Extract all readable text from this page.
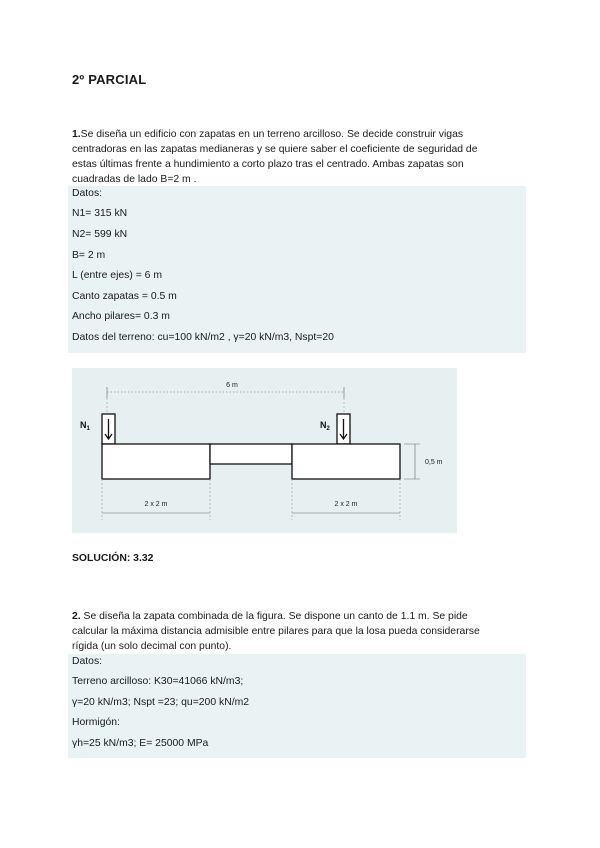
2º PARCIAL
1.Se diseña un edificio con zapatas en un terreno arcilloso. Se decide construir vigas
centradoras en las zapatas medianeras y se quiere saber el coeficiente de seguridad de
estas últimas frente a hundimiento a corto plazo tras el centrado. Ambas zapatas son
cuadradas de lado B=2 m .
Datos:
N1= 315 kN
N2= 599 kN
B= 2 m
L (entre ejes) = 6 m
Canto zapatas = 0.5 m
Ancho pilares= 0.3 m
Datos del terreno: cu=100 kN/m2 , γ=20 kN/m3, Nspt=20
6 m
$N_1$	$N_2$
0,5 m
2 x 2 m	2 x 2 m
SOLUCIÓN: 3.32
2. Se diseña la zapata combinada de la figura. Se dispone un canto de 1.1 m. Se pide
calcular la máxima distancia admisible entre pilares para que la losa pueda considerarse
rígida (un solo decimal con punto).
Datos:
Terreno arcilloso: K30=41066 kN/m3;
γ=20 kN/m3; Nspt =23; qu=200 kN/m2
Hormigón:
γh=25 kN/m3; E= 25000 MPa
